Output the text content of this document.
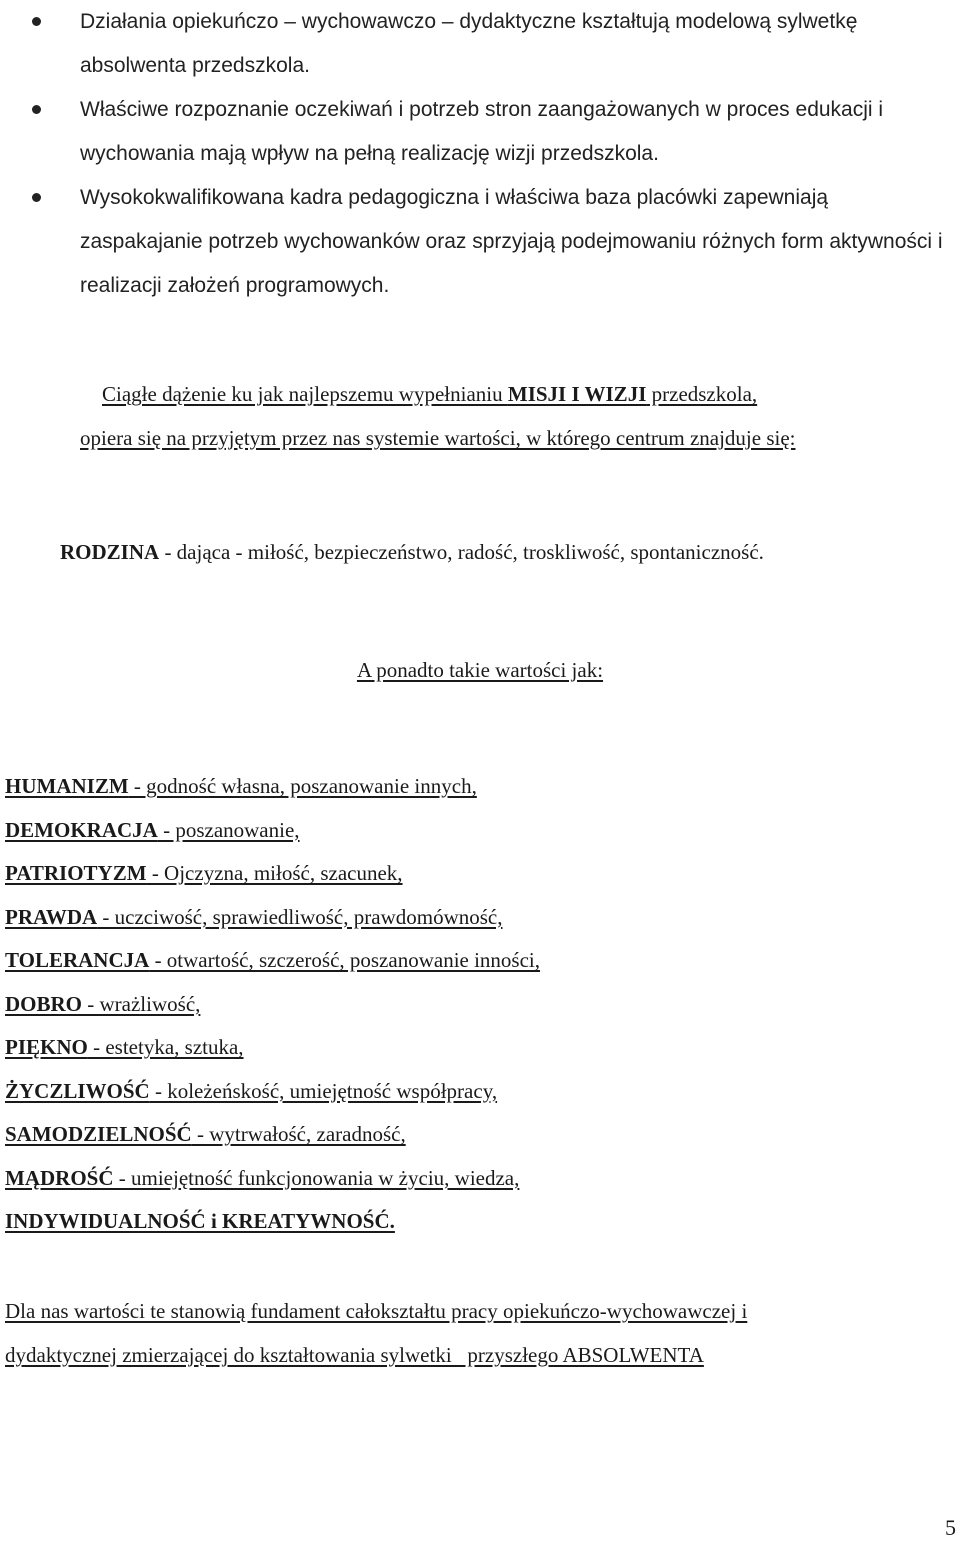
Działania opiekuńczo – wychowawczo – dydaktyczne kształtują modelową sylwetkę absolwenta przedszkola.
Właściwe rozpoznanie oczekiwań i potrzeb stron zaangażowanych w proces edukacji i wychowania mają wpływ na pełną realizację wizji przedszkola.
Wysokokwalifikowana kadra pedagogiczna i właściwa baza placówki zapewniają zaspakajanie potrzeb wychowanków oraz sprzyjają podejmowaniu różnych form aktywności i realizacji założeń programowych.
Ciągłe dążenie ku jak najlepszemu wypełnianiu MISJI I WIZJI przedszkola,
opiera się na przyjętym przez nas systemie wartości, w którego centrum znajduje się:
RODZINA - dająca - miłość, bezpieczeństwo, radość, troskliwość, spontaniczność.
A ponadto takie wartości jak:
HUMANIZM - godność własna, poszanowanie innych,
DEMOKRACJA - poszanowanie,
PATRIOTYZM - Ojczyzna, miłość, szacunek,
PRAWDA - uczciwość, sprawiedliwość, prawdomówność,
TOLERANCJA - otwartość, szczerość, poszanowanie inności,
DOBRO - wrażliwość,
PIĘKNO - estetyka, sztuka,
ŻYCZLIWOŚĆ - koleżeńskość, umiejętność współpracy,
SAMODZIELNOŚĆ - wytrwałość, zaradność,
MĄDROŚĆ - umiejętność funkcjonowania w życiu, wiedza,
INDYWIDUALNOŚĆ i KREATYWNOŚĆ.
Dla nas wartości te stanowią fundament całokształtu pracy opiekuńczo-wychowawczej i
dydaktycznej zmierzającej do kształtowania sylwetki   przyszłego ABSOLWENTA
5
